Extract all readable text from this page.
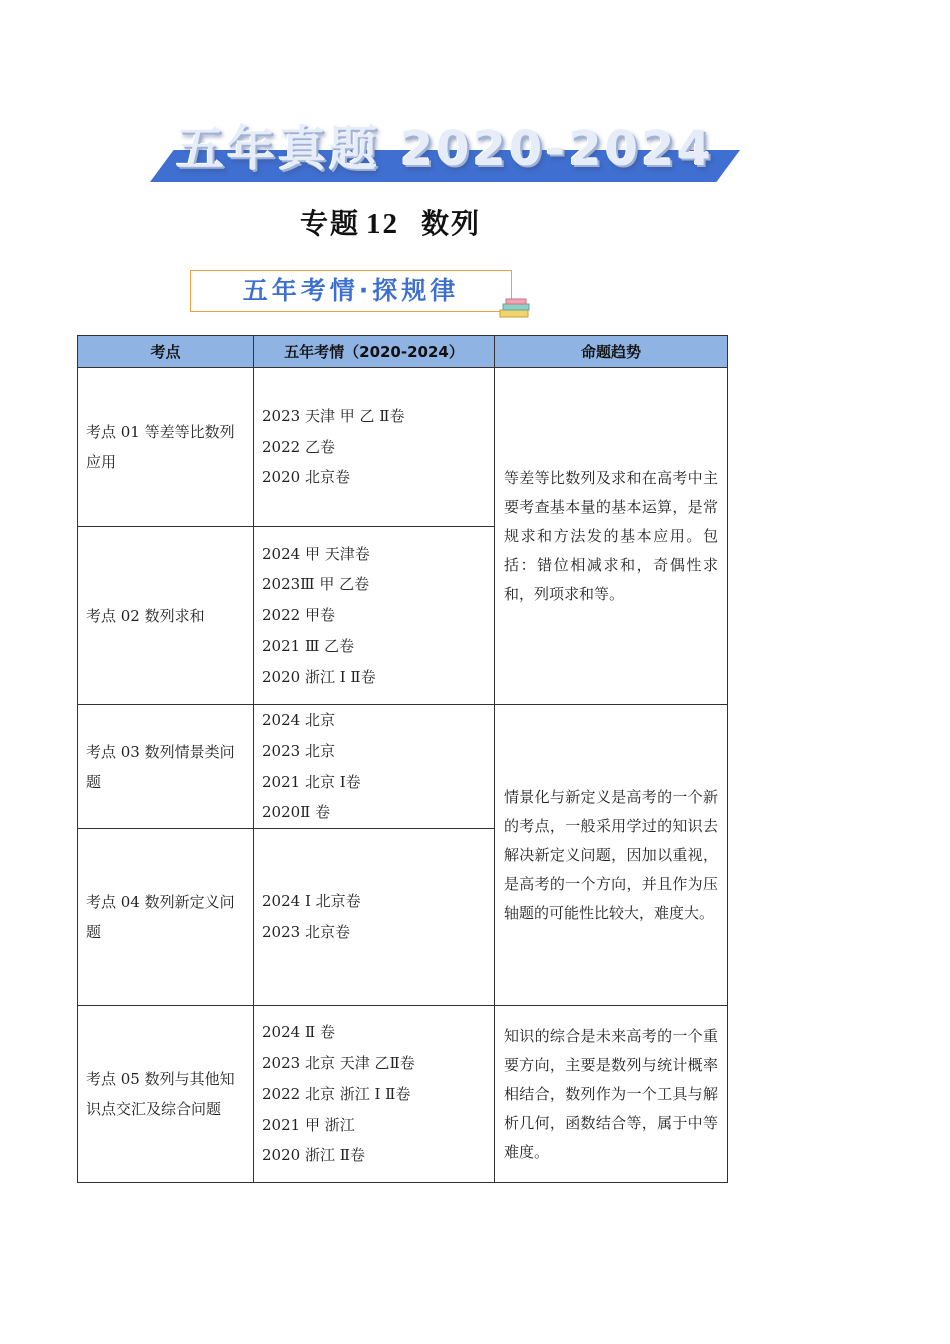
五年真题 2020-2024
专题 12 数列
五年考情·探规律
考点	五年考情（2020-2024）	命题趋势
考点 01 等差等比数列应用	2023 天津 甲 乙 Ⅱ卷
2022 乙卷
2020 北京卷	等差等比数列及求和在高考中主要考查基本量的基本运算，是常规求和方法发的基本应用。包括：错位相减求和，奇偶性求和，列项求和等。
考点 02 数列求和	2024 甲 天津卷
2023Ⅲ 甲 乙卷
2022 甲卷
2021 Ⅲ 乙卷
2020 浙江 Ⅰ Ⅱ卷	

考点 03 数列情景类问题	2024 北京
2023 北京
2021 北京 Ⅰ卷
2020Ⅱ 卷	情景化与新定义是高考的一个新的考点，一般采用学过的知识去解决新定义问题，因加以重视，是高考的一个方向，并且作为压轴题的可能性比较大，难度大。
考点 04 数列新定义问题	2024 Ⅰ 北京卷
2023 北京卷	

考点 05 数列与其他知识点交汇及综合问题	2024 Ⅱ 卷
2023 北京 天津 乙Ⅱ卷
2022 北京 浙江 Ⅰ Ⅱ卷
2021 甲 浙江
2020 浙江 Ⅱ卷	知识的综合是未来高考的一个重要方向，主要是数列与统计概率相结合，数列作为一个工具与解析几何，函数结合等，属于中等难度。
